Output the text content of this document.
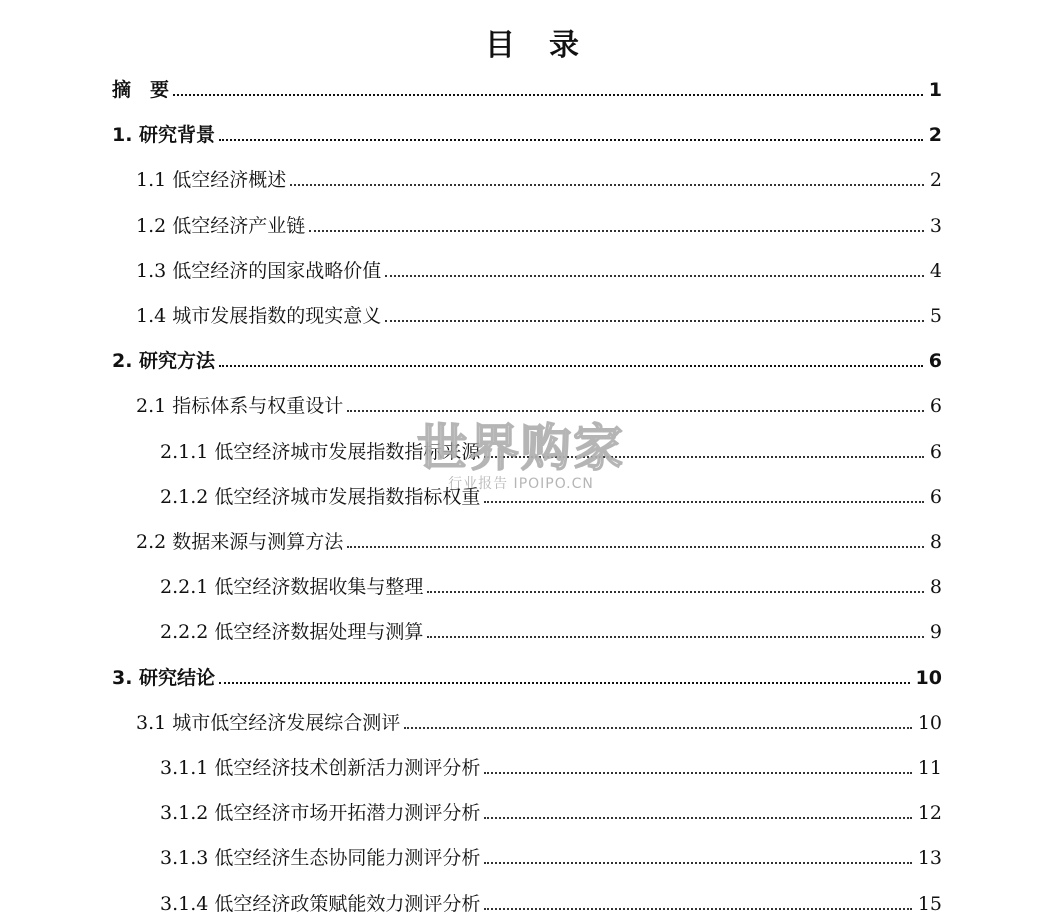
目 录
摘　要	1
1. 研究背景	2
1.1 低空经济概述	2
1.2 低空经济产业链	3
1.3 低空经济的国家战略价值	4
1.4 城市发展指数的现实意义	5
2. 研究方法	6
2.1 指标体系与权重设计	6
2.1.1 低空经济城市发展指数指标来源	6
2.1.2 低空经济城市发展指数指标权重	6
2.2 数据来源与测算方法	8
2.2.1 低空经济数据收集与整理	8
2.2.2 低空经济数据处理与测算	9
3. 研究结论	10
3.1 城市低空经济发展综合测评	10
3.1.1 低空经济技术创新活力测评分析	11
3.1.2 低空经济市场开拓潜力测评分析	12
3.1.3 低空经济生态协同能力测评分析	13
3.1.4 低空经济政策赋能效力测评分析	15
世界购家
行业报告 IPOIPO.CN
